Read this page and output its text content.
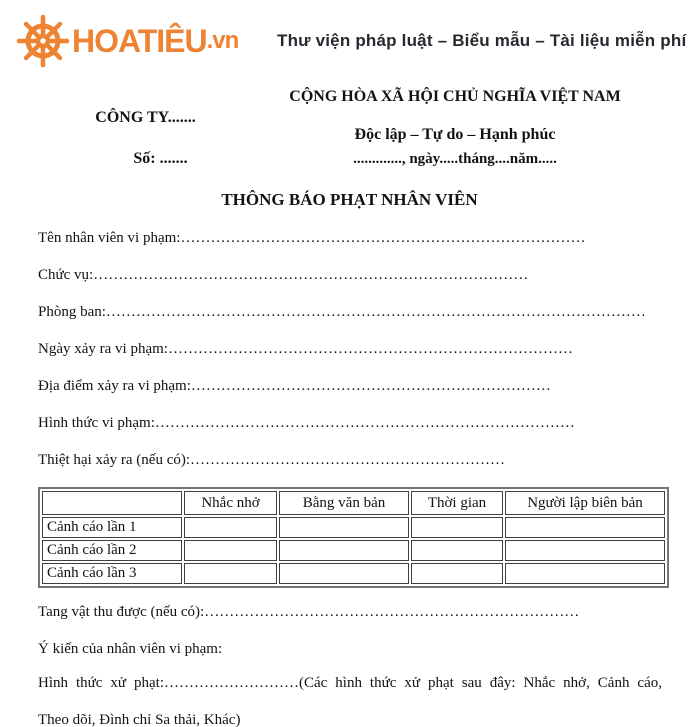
HOATIÊU .vn Thư viện pháp luật – Biểu mẫu – Tài liệu miễn phí
CỘNG HÒA XÃ HỘI CHỦ NGHĨA VIỆT NAM
CÔNG TY.......
Độc lập – Tự do – Hạnh phúc
Số: .......	............., ngày.....tháng....năm.....
THÔNG BÁO PHẠT NHÂN VIÊN

Tên nhân viên vi phạm:………………………………………………………………………

Chức vụ:……………………………………………………………………………

Phòng ban:………………………………………………………………………………………………

Ngày xảy ra vi phạm:………………………………………………………………………

Địa điểm xảy ra vi phạm:………………………………………………………………

Hình thức vi phạm:…………………………………………………………………………

Thiệt hại xảy ra (nếu có):………………………………………………………

	Nhắc nhở	Bằng văn bản	Thời gian	Người lập biên bản
Cảnh cáo lần 1				
Cảnh cáo lần 2				
Cảnh cáo lần 3				

Tang vật thu được (nếu có):…………………………………………………………………

Ý kiến của nhân viên vi phạm:

Hình thức xử phạt:………………………(Các hình thức xử phạt sau đây: Nhắc nhở, Cảnh cáo,

Theo dõi, Đình chỉ Sa thải, Khác)
